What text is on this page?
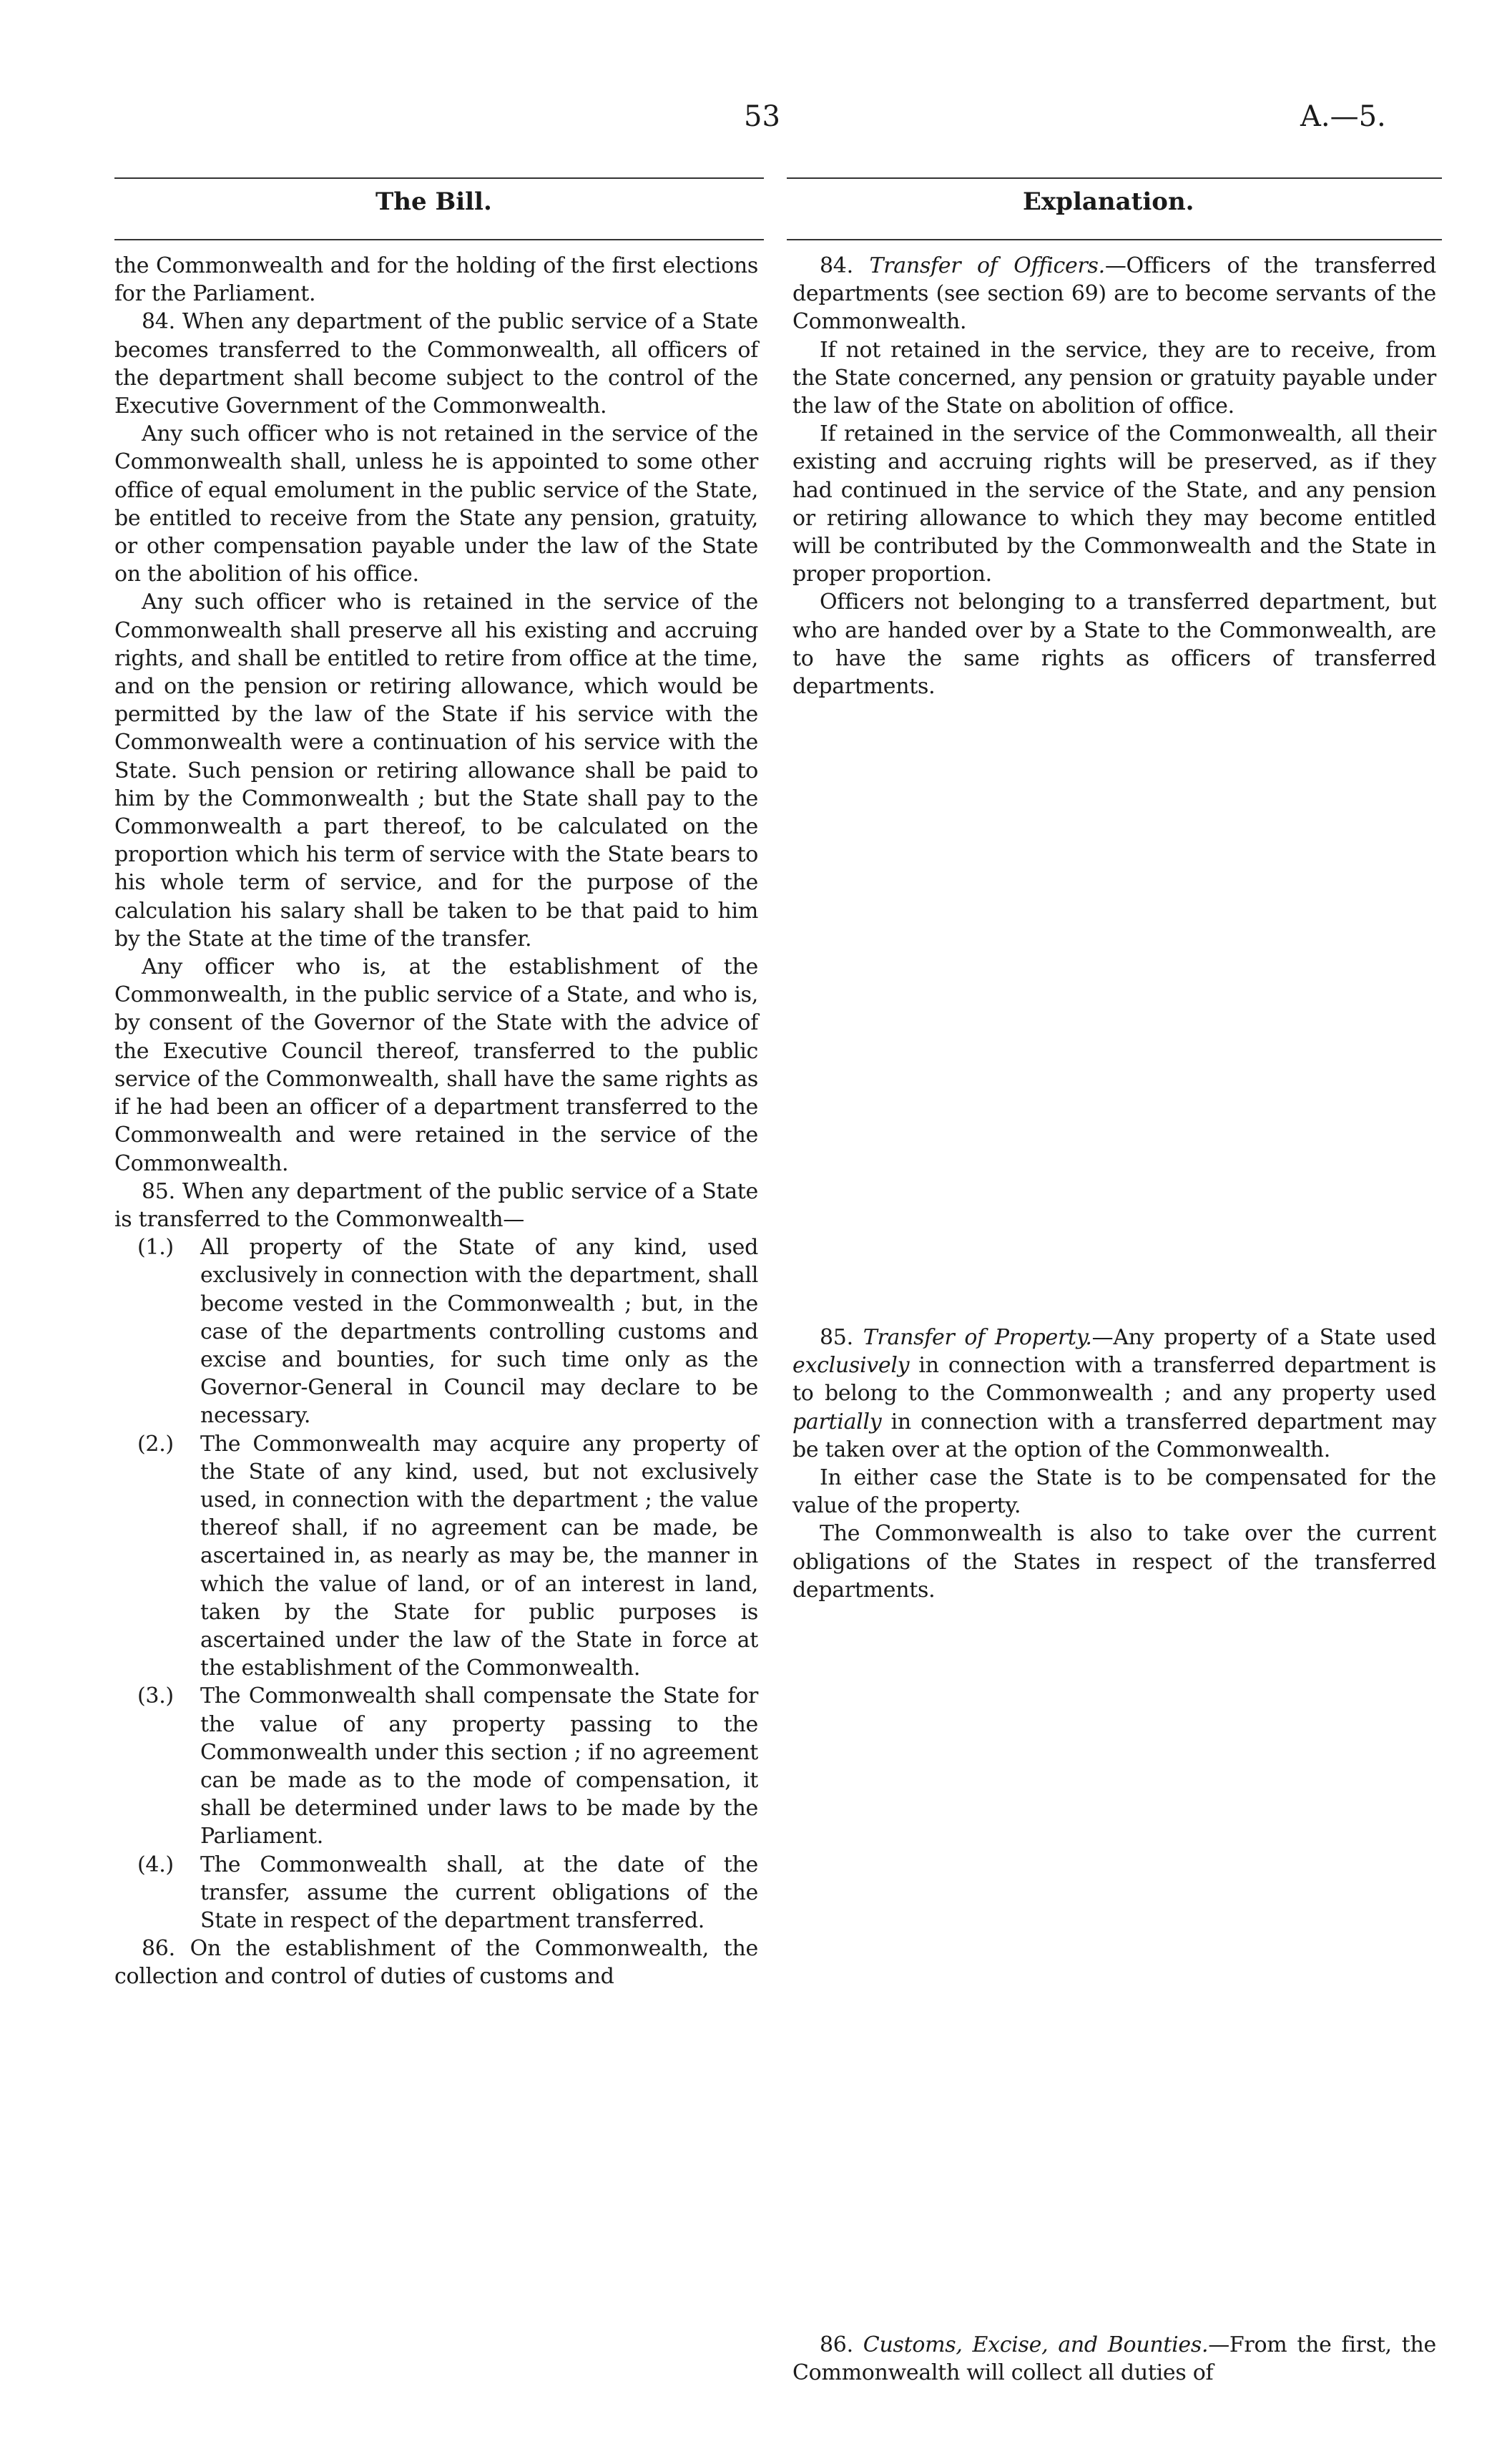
53	A.—5.
The Bill.	Explanation.

the Commonwealth and for the holding of the first elections for the Parliament.

84. When any department of the public service of a State becomes transferred to the Commonwealth, all officers of the department shall become subject to the control of the Executive Government of the Commonwealth.

Any such officer who is not retained in the service of the Commonwealth shall, unless he is appointed to some other office of equal emolument in the public service of the State, be entitled to receive from the State any pension, gratuity, or other compensation payable under the law of the State on the abolition of his office.

Any such officer who is retained in the service of the Commonwealth shall preserve all his existing and accruing rights, and shall be entitled to retire from office at the time, and on the pension or retiring allowance, which would be permitted by the law of the State if his service with the Commonwealth were a continuation of his service with the State. Such pension or retiring allowance shall be paid to him by the Commonwealth ; but the State shall pay to the Commonwealth a part thereof, to be calculated on the proportion which his term of service with the State bears to his whole term of service, and for the purpose of the calculation his salary shall be taken to be that paid to him by the State at the time of the transfer.

Any officer who is, at the establishment of the Commonwealth, in the public service of a State, and who is, by consent of the Governor of the State with the advice of the Executive Council thereof, transferred to the public service of the Commonwealth, shall have the same rights as if he had been an officer of a department transferred to the Commonwealth and were retained in the service of the Commonwealth.

85. When any department of the public service of a State is transferred to the Commonwealth—

(1.)	All property of the State of any kind, used exclusively in connection with the department, shall become vested in the Commonwealth ; but, in the case of the departments controlling customs and excise and bounties, for such time only as the Governor-General in Council may declare to be necessary.
(2.)	The Commonwealth may acquire any property of the State of any kind, used, but not exclusively used, in connection with the department ; the value thereof shall, if no agreement can be made, be ascertained in, as nearly as may be, the manner in which the value of land, or of an interest in land, taken by the State for public purposes is ascertained under the law of the State in force at the establishment of the Commonwealth.
(3.)	The Commonwealth shall compensate the State for the value of any property passing to the Commonwealth under this section ; if no agreement can be made as to the mode of compensation, it shall be determined under laws to be made by the Parliament.
(4.)	The Commonwealth shall, at the date of the transfer, assume the current obligations of the State in respect of the department transferred.

86. On the establishment of the Commonwealth, the collection and control of duties of customs and

84. Transfer of Officers.—Officers of the transferred departments (see section 69) are to become servants of the Commonwealth.

If not retained in the service, they are to receive, from the State concerned, any pension or gratuity payable under the law of the State on abolition of office.

If retained in the service of the Commonwealth, all their existing and accruing rights will be preserved, as if they had continued in the service of the State, and any pension or retiring allowance to which they may become entitled will be contributed by the Commonwealth and the State in proper proportion.

Officers not belonging to a transferred department, but who are handed over by a State to the Commonwealth, are to have the same rights as officers of transferred departments.

85. Transfer of Property.—Any property of a State used exclusively in connection with a transferred department is to belong to the Commonwealth ; and any property used partially in connection with a transferred department may be taken over at the option of the Commonwealth.

In either case the State is to be compensated for the value of the property.

The Commonwealth is also to take over the current obligations of the States in respect of the transferred departments.

86. Customs, Excise, and Bounties.—From the first, the Commonwealth will collect all duties of
